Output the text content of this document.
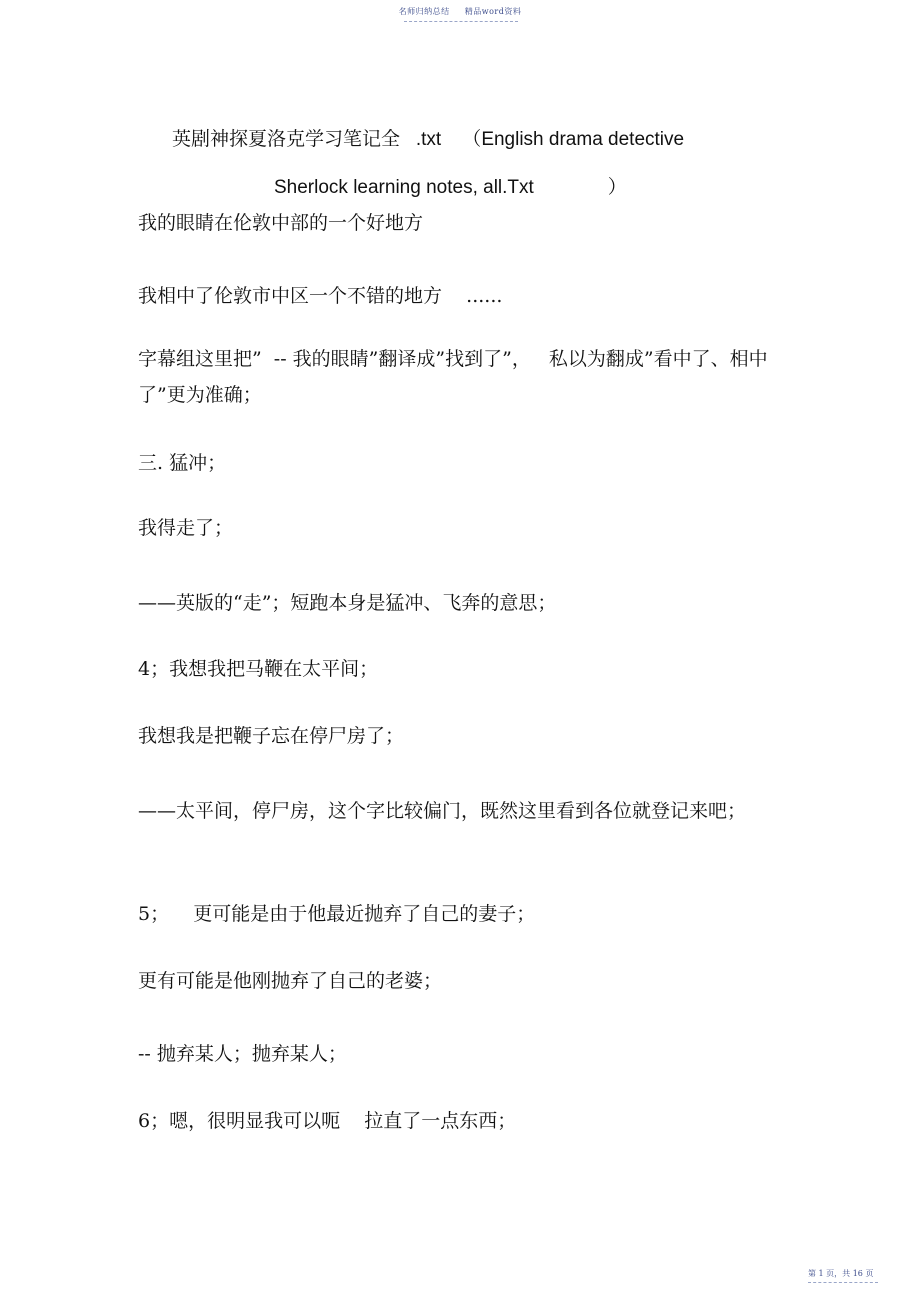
名师归纳总结 精品word资料
英剧神探夏洛克学习笔记全   .txt    （English drama detective
Sherlock learning notes, all.Txt	）
我的眼睛在伦敦中部的一个好地方
我相中了伦敦市中区一个不错的地方    ......
字幕组这里把”  -- 我的眼睛”翻译成”找到了”，   私以为翻成”看中了、相中了”更为准确；
三. 猛冲；
我得走了；
——英版的“走”；短跑本身是猛冲、飞奔的意思；
4；我想我把马鞭在太平间；
我想我是把鞭子忘在停尸房了；
——太平间，停尸房，这个字比较偏门，既然这里看到各位就登记来吧；
5；    更可能是由于他最近抛弃了自己的妻子；
更有可能是他刚抛弃了自己的老婆；
-- 抛弃某人；抛弃某人；
6；嗯，很明显我可以呃    拉直了一点东西；
第 1 页，共 16 页
